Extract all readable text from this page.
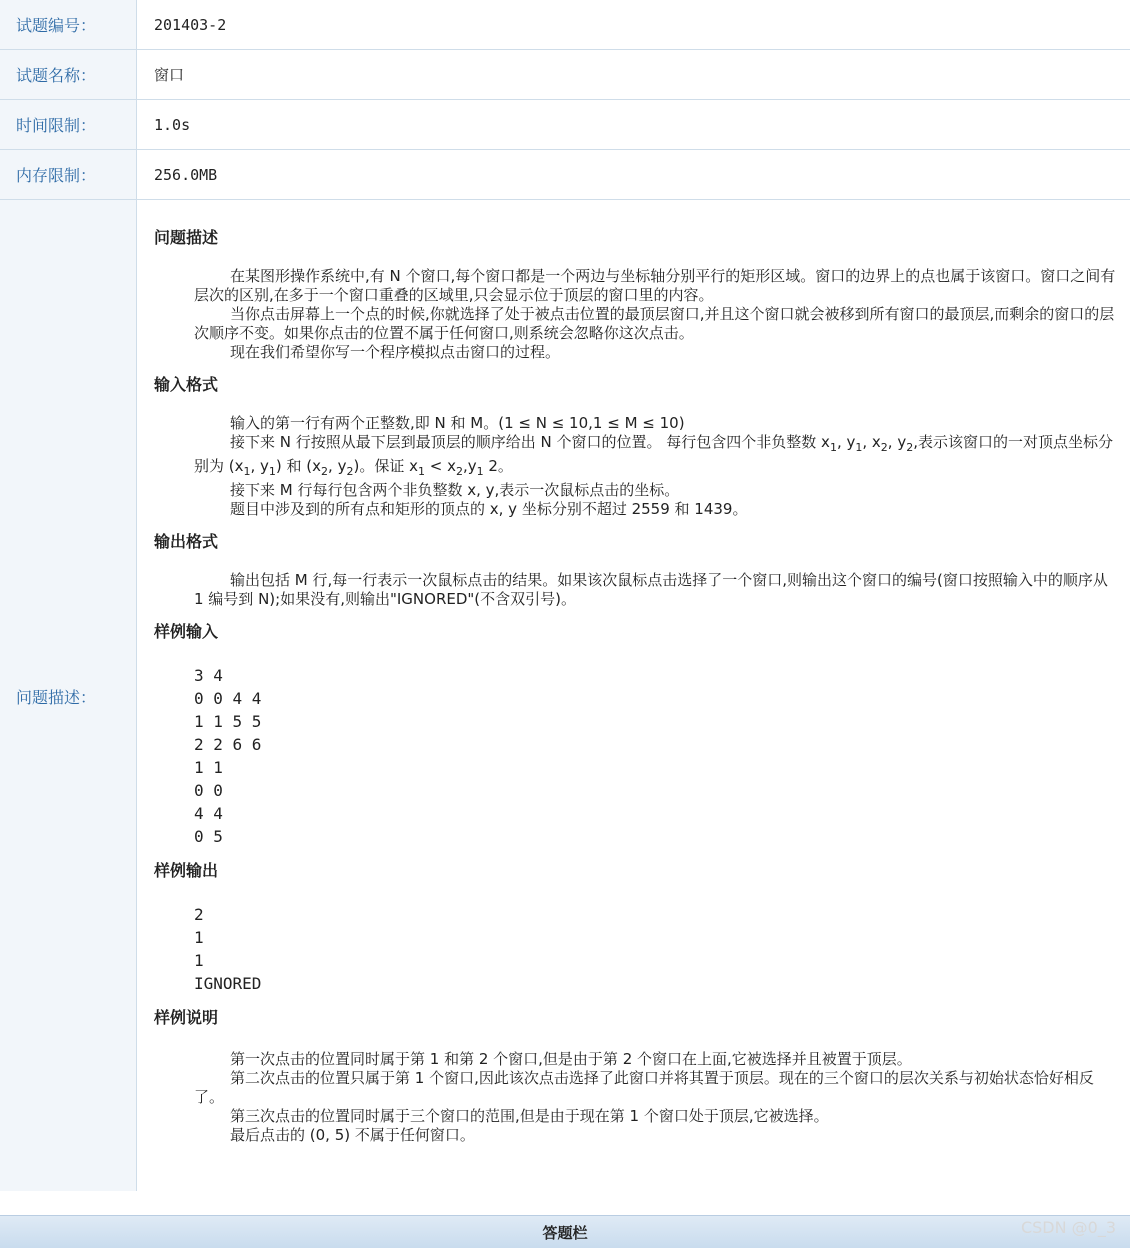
试题编号：	201403-2
试题名称：	窗口
时间限制：	1.0s
内存限制：	256.0MB
问题描述：
问题描述

在某图形操作系统中,有 N 个窗口,每个窗口都是一个两边与坐标轴分别平行的矩形区域。窗口的边界上的点也属于该窗口。窗口之间有层次的区别,在多于一个窗口重叠的区域里,只会显示位于顶层的窗口里的内容。

当你点击屏幕上一个点的时候,你就选择了处于被点击位置的最顶层窗口,并且这个窗口就会被移到所有窗口的最顶层,而剩余的窗口的层次顺序不变。如果你点击的位置不属于任何窗口,则系统会忽略你这次点击。

现在我们希望你写一个程序模拟点击窗口的过程。

输入格式

输入的第一行有两个正整数,即 N 和 M。(1 ≤ N ≤ 10,1 ≤ M ≤ 10)

接下来 N 行按照从最下层到最顶层的顺序给出 N 个窗口的位置。 每行包含四个非负整数 $x_1$, $y_1$, $x_2$, $y_2$,表示该窗口的一对顶点坐标分别为 ($x_1$, $y_1$) 和 ($x_2$, $y_2$)。保证 $x_1 < x_2,y_1$ 2。

接下来 M 行每行包含两个非负整数 x, y,表示一次鼠标点击的坐标。

题目中涉及到的所有点和矩形的顶点的 x, y 坐标分别不超过 2559 和 1439。

输出格式

输出包括 M 行,每一行表示一次鼠标点击的结果。如果该次鼠标点击选择了一个窗口,则输出这个窗口的编号(窗口按照输入中的顺序从 1 编号到 N);如果没有,则输出"IGNORED"(不含双引号)。

样例输入
3 4
0 0 4 4
1 1 5 5
2 2 6 6
1 1
0 0
4 4
0 5
样例输出
2
1
1
IGNORED
样例说明

第一次点击的位置同时属于第 1 和第 2 个窗口,但是由于第 2 个窗口在上面,它被选择并且被置于顶层。

第二次点击的位置只属于第 1 个窗口,因此该次点击选择了此窗口并将其置于顶层。现在的三个窗口的层次关系与初始状态恰好相反了。

第三次点击的位置同时属于三个窗口的范围,但是由于现在第 1 个窗口处于顶层,它被选择。

最后点击的 (0, 5) 不属于任何窗口。

答题栏	CSDN @0_3
